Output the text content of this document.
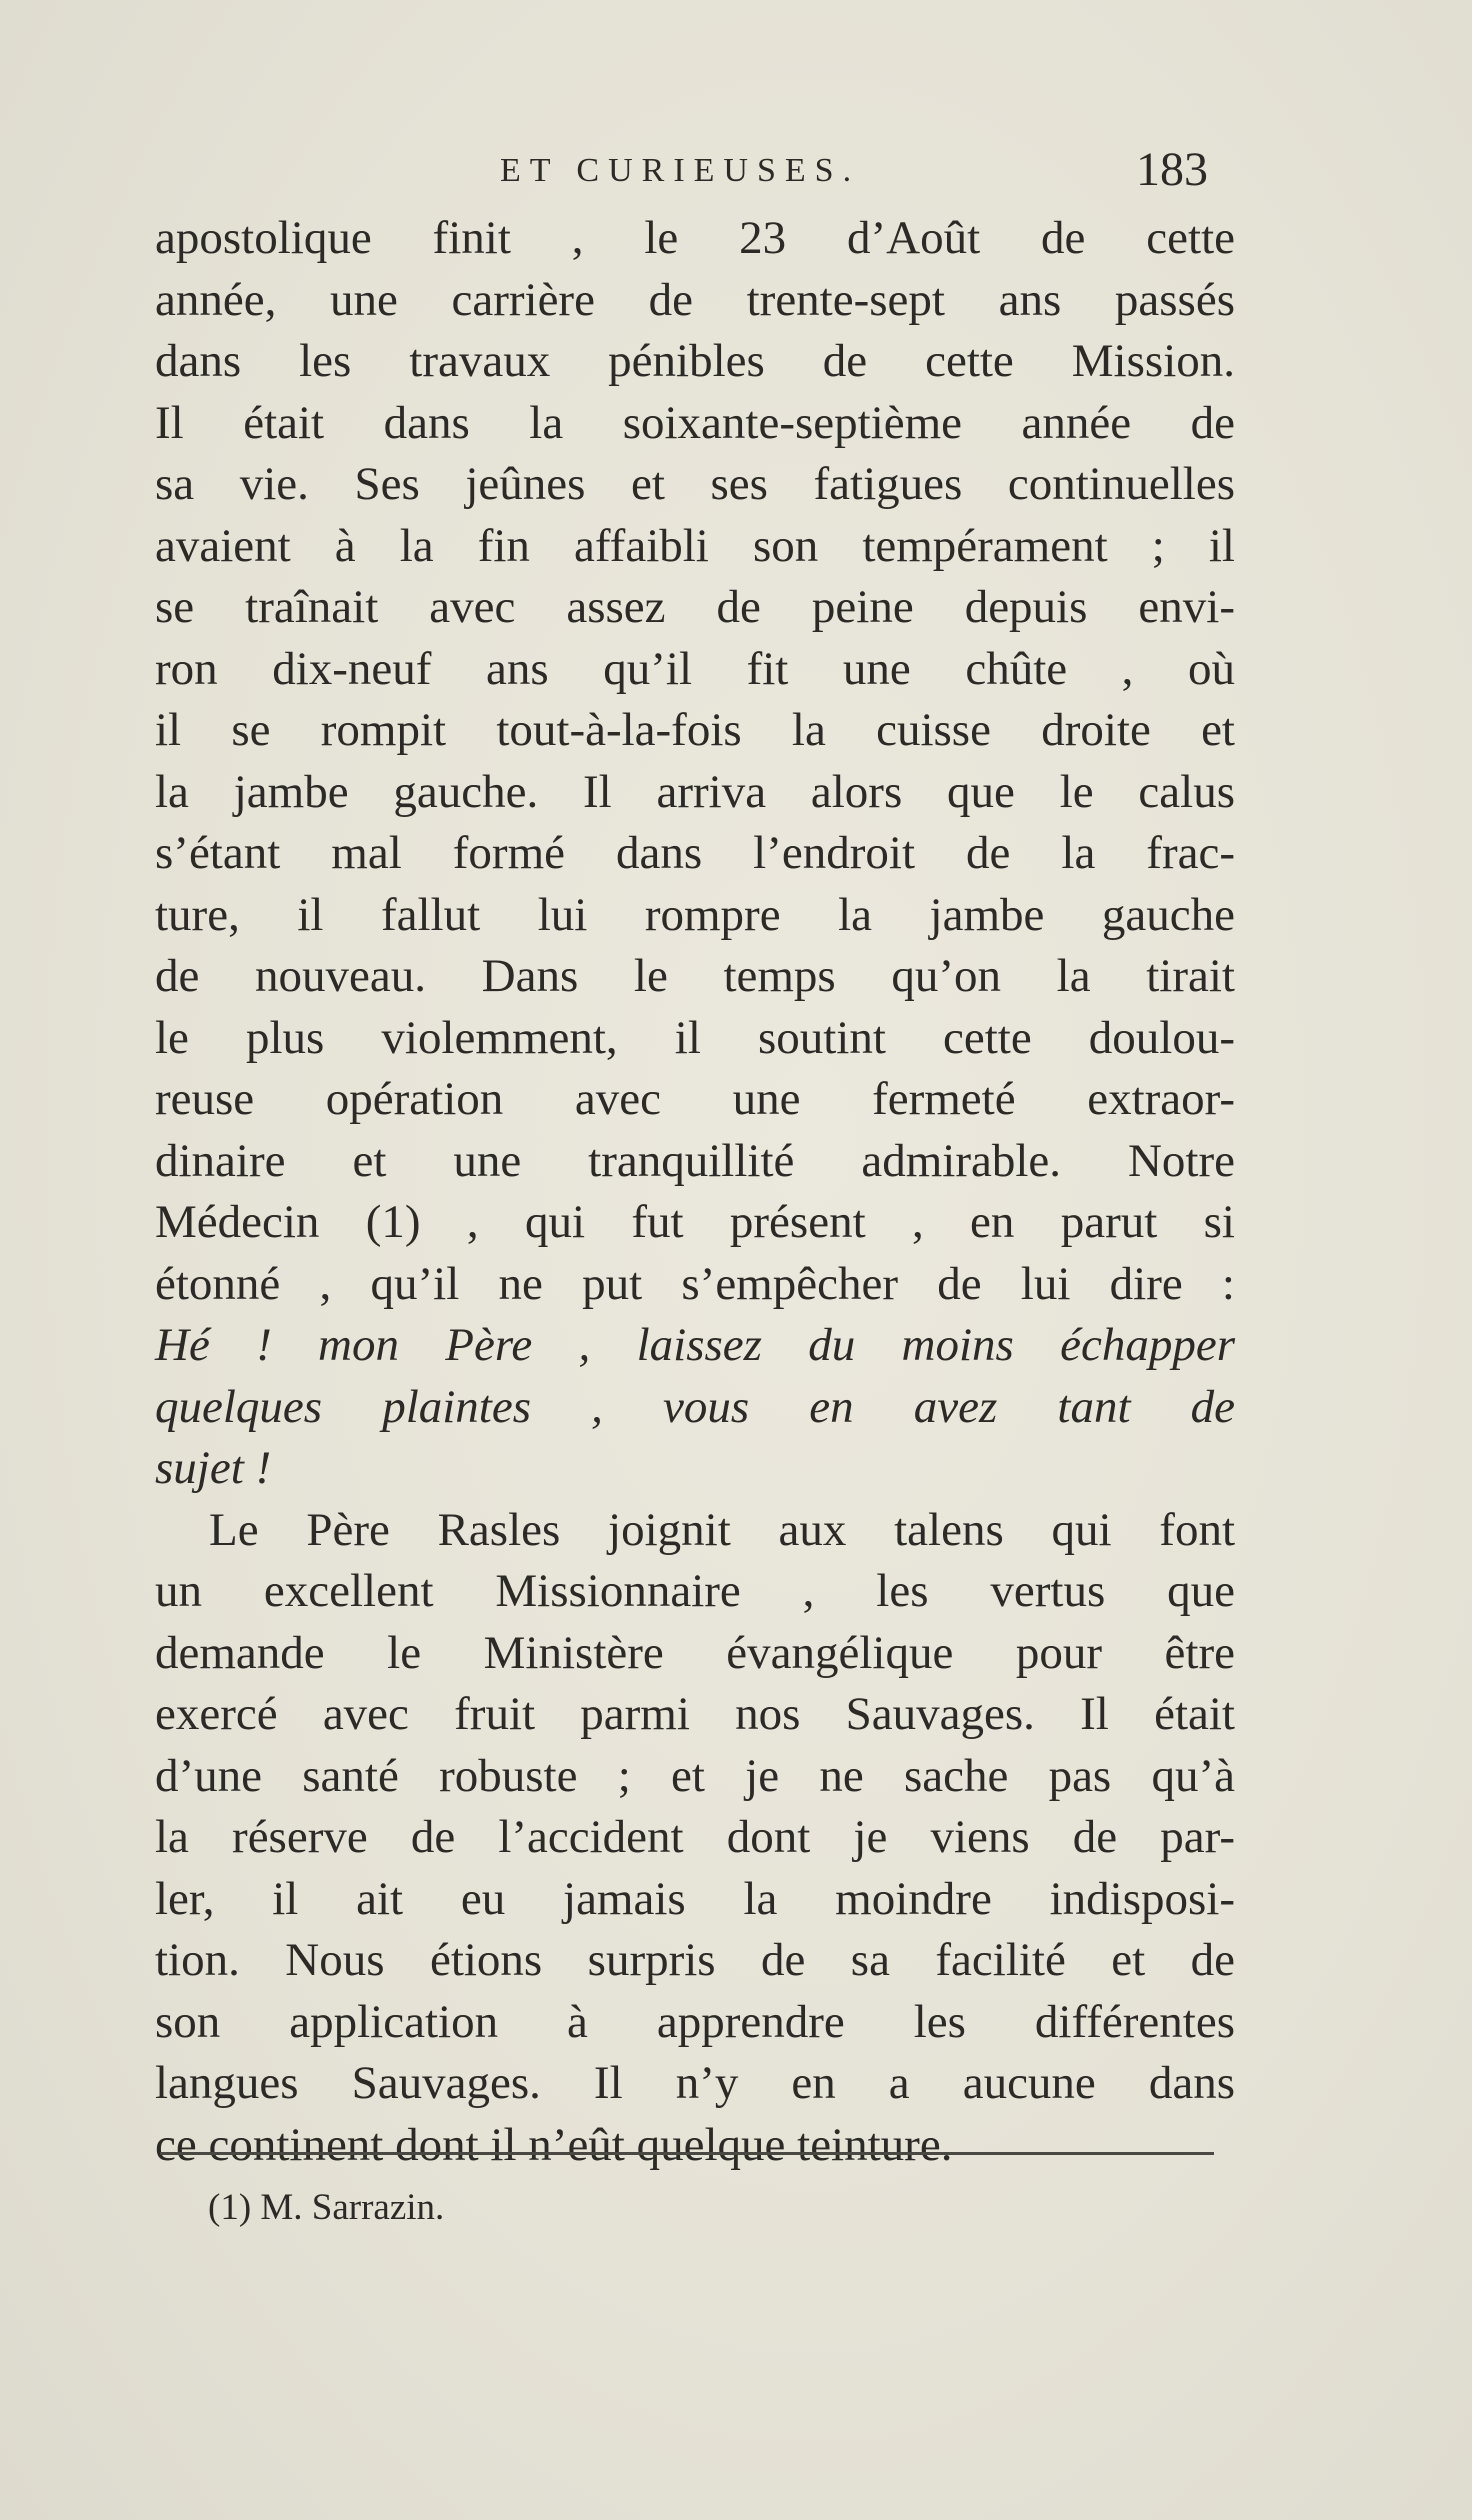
ET CURIEUSES.	183
apostolique finit , le 23 d’Août de cette
année, une carrière de trente-sept ans passés
dans les travaux pénibles de cette Mission.
Il était dans la soixante-septième année de
sa vie. Ses jeûnes et ses fatigues continuelles
avaient à la fin affaibli son tempérament ; il
se traînait avec assez de peine depuis envi-
ron dix-neuf ans qu’il fit une chûte , où
il se rompit tout-à-la-fois la cuisse droite et
la jambe gauche. Il arriva alors que le calus
s’étant mal formé dans l’endroit de la frac-
ture, il fallut lui rompre la jambe gauche
de nouveau. Dans le temps qu’on la tirait
le plus violemment, il soutint cette doulou-
reuse opération avec une fermeté extraor-
dinaire et une tranquillité admirable. Notre
Médecin (1) , qui fut présent , en parut si
étonné , qu’il ne put s’empêcher de lui dire :
Hé ! mon Père , laissez du moins échapper
quelques plaintes , vous en avez tant de
sujet !
Le Père Rasles joignit aux talens qui font
un excellent Missionnaire , les vertus que
demande le Ministère évangélique pour être
exercé avec fruit parmi nos Sauvages. Il était
d’une santé robuste ; et je ne sache pas qu’à
la réserve de l’accident dont je viens de par-
ler, il ait eu jamais la moindre indisposi-
tion. Nous étions surpris de sa facilité et de
son application à apprendre les différentes
langues Sauvages. Il n’y en a aucune dans
ce continent dont il n’eût quelque teinture.
(1) M. Sarrazin.
